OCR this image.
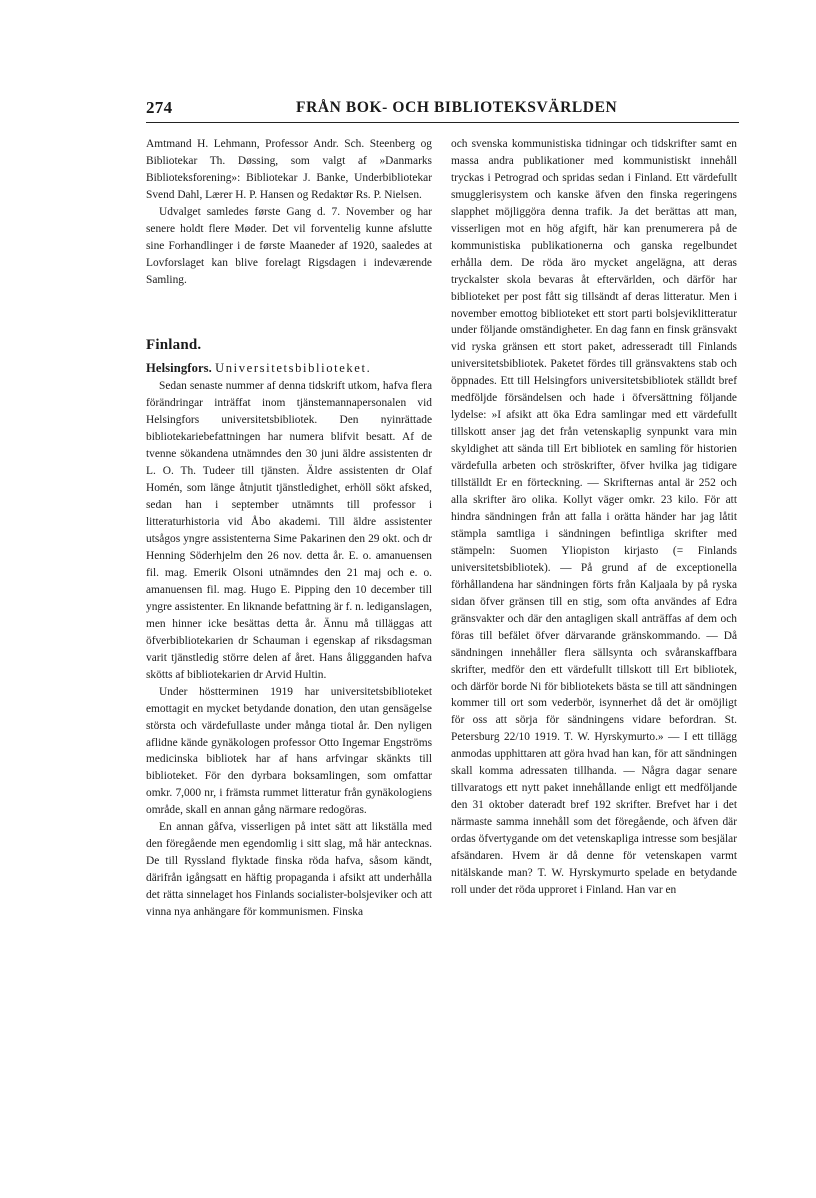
274	FRÅN BOK- OCH BIBLIOTEKSVÄRLDEN

Amtmand H. Lehmann, Professor Andr. Sch. Steenberg og Bibliotekar Th. Døssing, som valgt af »Danmarks Biblioteksforening»: Bibliotekar J. Banke, Underbibliotekar Svend Dahl, Lærer H. P. Hansen og Redaktør Rs. P. Nielsen.

Udvalget samledes første Gang d. 7. November og har senere holdt flere Møder. Det vil forventelig kunne afslutte sine Forhandlinger i de første Maaneder af 1920, saaledes at Lovforslaget kan blive forelagt Rigsdagen i indeværende Samling.

Finland.
Helsingfors. Universitetsbiblioteket.

Sedan senaste nummer af denna tidskrift utkom, hafva flera förändringar inträffat inom tjänstemannapersonalen vid Helsingfors universitetsbibliotek. Den nyinrättade bibliotekariebefattningen har numera blifvit besatt. Af de tvenne sökandena utnämndes den 30 juni äldre assistenten dr L. O. Th. Tudeer till tjänsten. Äldre assistenten dr Olaf Homén, som länge åtnjutit tjänstledighet, erhöll sökt afsked, sedan han i september utnämnts till professor i litteraturhistoria vid Åbo akademi. Till äldre assistenter utsågos yngre assistenterna Sime Pakarinen den 29 okt. och dr Henning Söderhjelm den 26 nov. detta år. E. o. amanuensen fil. mag. Emerik Olsoni utnämndes den 21 maj och e. o. amanuensen fil. mag. Hugo E. Pipping den 10 december till yngre assistenter. En liknande befattning är f. n. lediganslagen, men hinner icke besättas detta år. Ännu må tilläggas att öfverbibliotekarien dr Schauman i egenskap af riksdagsman varit tjänstledig större delen af året. Hans åliggganden hafva skötts af bibliotekarien dr Arvid Hultin.

Under höstterminen 1919 har universitetsbiblioteket emottagit en mycket betydande donation, den utan gensägelse största och värdefullaste under många tiotal år. Den nyligen aflidne kände gynäkologen professor Otto Ingemar Engströms medicinska bibliotek har af hans arfvingar skänkts till biblioteket. För den dyrbara boksamlingen, som omfattar omkr. 7,000 nr, i främsta rummet litteratur från gynäkologiens område, skall en annan gång närmare redogöras.

En annan gåfva, visserligen på intet sätt att likställa med den föregående men egendomlig i sitt slag, må här antecknas. De till Ryssland flyktade finska röda hafva, såsom kändt, därifrån igångsatt en häftig propaganda i afsikt att underhålla det rätta sinnelaget hos Finlands socialister-bolsjeviker och att vinna nya anhängare för kommunismen. Finska

och svenska kommunistiska tidningar och tidskrifter samt en massa andra publikationer med kommunistiskt innehåll tryckas i Petrograd och spridas sedan i Finland. Ett värdefullt smugglerisystem och kanske äfven den finska regeringens slapphet möjliggöra denna trafik. Ja det berättas att man, visserligen mot en hög afgift, här kan prenumerera på de kommunistiska publikationerna och ganska regelbundet erhålla dem. De röda äro mycket angelägna, att deras tryckalster skola bevaras åt eftervärlden, och därför har biblioteket per post fått sig tillsändt af deras litteratur. Men i november emottog biblioteket ett stort parti bolsjeviklitteratur under följande omständigheter. En dag fann en finsk gränsvakt vid ryska gränsen ett stort paket, adresseradt till Finlands universitetsbibliotek. Paketet fördes till gränsvaktens stab och öppnades. Ett till Helsingfors universitetsbibliotek ställdt bref medföljde försändelsen och hade i öfversättning följande lydelse: »I afsikt att öka Edra samlingar med ett värdefullt tillskott anser jag det från vetenskaplig synpunkt vara min skyldighet att sända till Ert bibliotek en samling för historien värdefulla arbeten och ströskrifter, öfver hvilka jag tidigare tillställdt Er en förteckning. — Skrifternas antal är 252 och alla skrifter äro olika. Kollyt väger omkr. 23 kilo. För att hindra sändningen från att falla i orätta händer har jag låtit stämpla samtliga i sändningen befintliga skrifter med stämpeln: Suomen Yliopiston kirjasto (= Finlands universitetsbibliotek). — På grund af de exceptionella förhållandena har sändningen förts från Kaljaala by på ryska sidan öfver gränsen till en stig, som ofta användes af Edra gränsvakter och där den antagligen skall anträffas af dem och föras till befälet öfver därvarande gränskommando. — Då sändningen innehåller flera sällsynta och svåranskaffbara skrifter, medför den ett värdefullt tillskott till Ert bibliotek, och därför borde Ni för bibliotekets bästa se till att sändningen kommer till ort som vederbör, isynnerhet då det är omöjligt för oss att sörja för sändningens vidare befordran. St. Petersburg 22/10 1919. T. W. Hyrskymurto.» — I ett tillägg anmodas upphittaren att göra hvad han kan, för att sändningen skall komma adressaten tillhanda. — Några dagar senare tillvaratogs ett nytt paket innehållande enligt ett medföljande den 31 oktober dateradt bref 192 skrifter. Brefvet har i det närmaste samma innehåll som det föregående, och äfven där ordas öfvertygande om det vetenskapliga intresse som besjälar afsändaren. Hvem är då denne för vetenskapen varmt nitälskande man? T. W. Hyrskymurto spelade en betydande roll under det röda upproret i Finland. Han var en
